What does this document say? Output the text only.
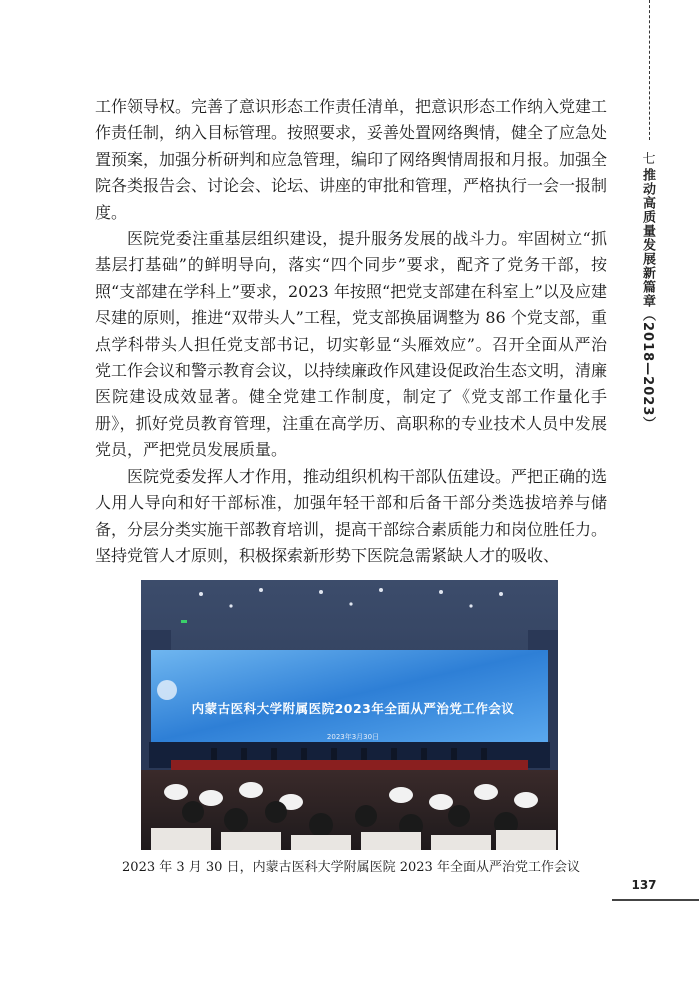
七
推动高质量发展新篇章（2018—2023）

工作领导权。完善了意识形态工作责任清单，把意识形态工作纳入党建工作责任制，纳入目标管理。按照要求，妥善处置网络舆情，健全了应急处置预案，加强分析研判和应急管理，编印了网络舆情周报和月报。加强全院各类报告会、讨论会、论坛、讲座的审批和管理，严格执行一会一报制度。

医院党委注重基层组织建设，提升服务发展的战斗力。牢固树立“抓基层打基础”的鲜明导向，落实“四个同步”要求，配齐了党务干部，按照“支部建在学科上”要求，2023 年按照“把党支部建在科室上”以及应建尽建的原则，推进“双带头人”工程，党支部换届调整为 86 个党支部，重点学科带头人担任党支部书记，切实彰显“头雁效应”。召开全面从严治党工作会议和警示教育会议，以持续廉政作风建设促政治生态文明，清廉医院建设成效显著。健全党建工作制度，制定了《党支部工作量化手册》，抓好党员教育管理，注重在高学历、高职称的专业技术人员中发展党员，严把党员发展质量。

医院党委发挥人才作用，推动组织机构干部队伍建设。严把正确的选人用人导向和好干部标准，加强年轻干部和后备干部分类选拔培养与储备，分层分类实施干部教育培训，提高干部综合素质能力和岗位胜任力。坚持党管人才原则，积极探索新形势下医院急需紧缺人才的吸收、

内蒙古医科大学附属医院2023年全面从严治党工作会议
2023年3月30日
2023 年 3 月 30 日，内蒙古医科大学附属医院 2023 年全面从严治党工作会议
137
